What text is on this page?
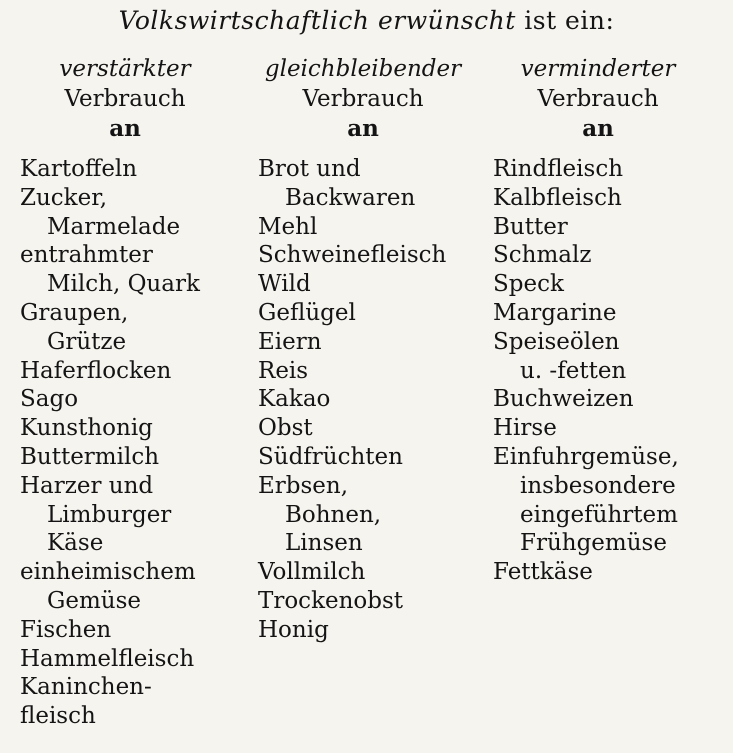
Volkswirtschaftlich erwünscht ist ein:
verstärkter
Verbrauch
an
Kartoffeln
Zucker,
Marmelade
entrahmter
Milch, Quark
Graupen,
Grütze
Haferflocken
Sago
Kunsthonig
Buttermilch
Harzer und
Limburger
Käse
einheimischem
Gemüse
Fischen
Hammelfleisch
Kaninchen-
fleisch
gleichbleibender
Verbrauch
an
Brot und
Backwaren
Mehl
Schweinefleisch
Wild
Geflügel
Eiern
Reis
Kakao
Obst
Südfrüchten
Erbsen,
Bohnen,
Linsen
Vollmilch
Trockenobst
Honig
verminderter
Verbrauch
an
Rindfleisch
Kalbfleisch
Butter
Schmalz
Speck
Margarine
Speiseölen
u. -fetten
Buchweizen
Hirse
Einfuhrgemüse,
insbesondere
eingeführtem
Frühgemüse
Fettkäse
